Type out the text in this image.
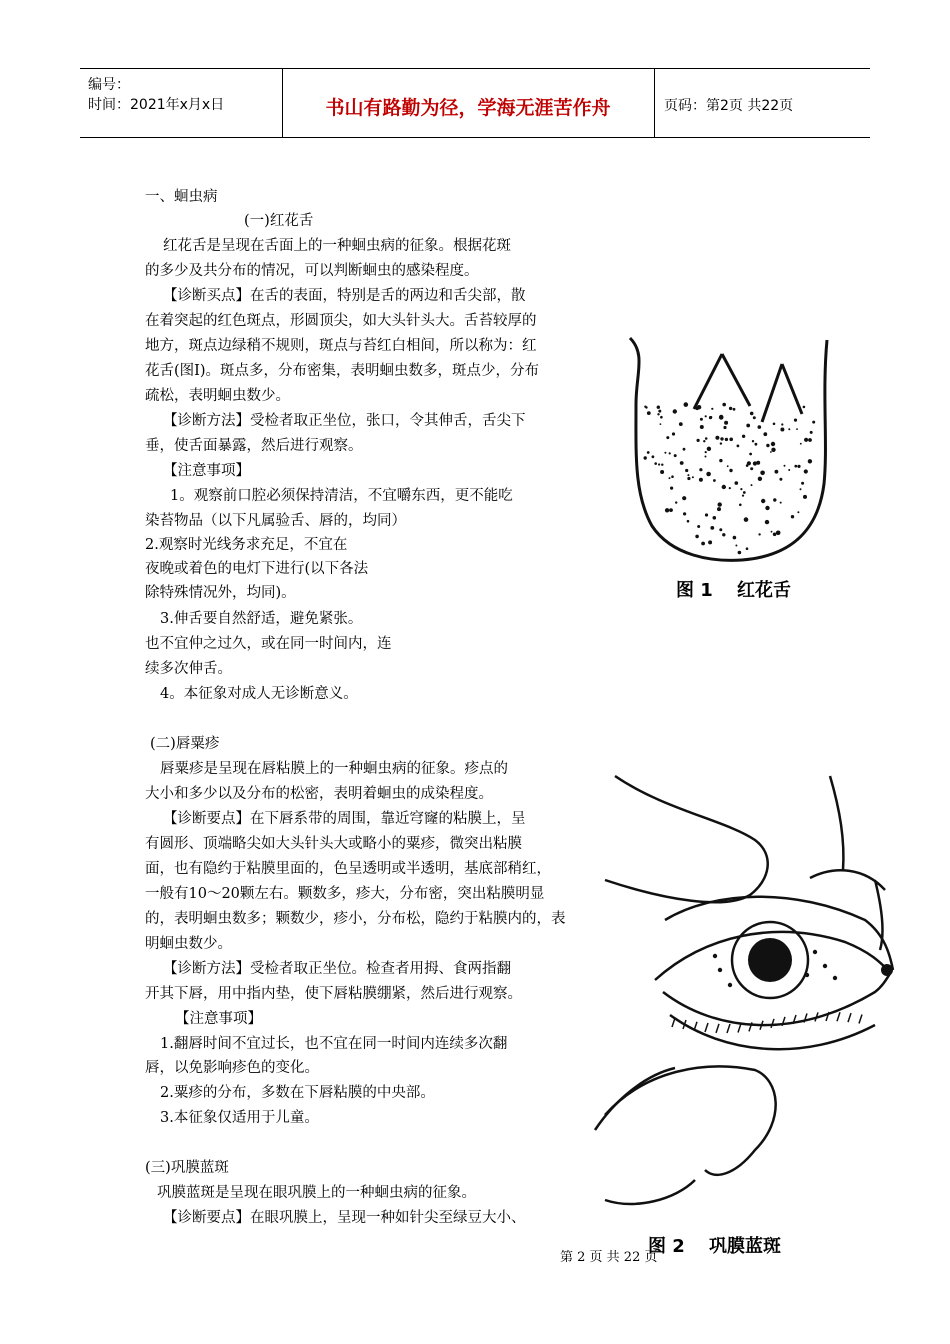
编号：
时间：2021年x月x日	书山有路勤为径，学海无涯苦作舟	页码：第2页 共22页
一、蛔虫病
(一)红花舌
红花舌是呈现在舌面上的一种蛔虫病的征象。根据花斑
的多少及共分布的情况，可以判断蛔虫的感染程度。
【诊断买点】在舌的表面，特别是舌的两边和舌尖部，散
在着突起的红色斑点，形圆顶尖，如大头针头大。舌苔较厚的
地方，斑点边绿稍不规则，斑点与苔红白相间，所以称为：红
花舌(图I)。斑点多，分布密集，表明蛔虫数多，斑点少，分布
疏松，表明蛔虫数少。
【诊断方法】受检者取正坐位，张口，令其伸舌，舌尖下
垂，使舌面暴露，然后进行观察。
【注意事项】
1。观察前口腔必须保持清洁，不宜嚼东西，更不能吃
染苔物品（以下凡属验舌、唇的，均同）
2.观察时光线务求充足，不宜在
夜晚或着色的电灯下进行(以下各法
除特殊情况外，均同)。
3.伸舌要自然舒适，避免紧张。
也不宜仲之过久，或在同一时间内，连
续多次伸舌。
4。本征象对成人无诊断意义。
(二)唇粟疹
唇粟疹是呈现在唇粘膜上的一种蛔虫病的征象。疹点的
大小和多少以及分布的松密，表明着蛔虫的成染程度。
【诊断要点】在下唇系带的周围，靠近穹窿的粘膜上，呈
有圆形、顶端略尖如大头针头大或略小的粟疹，微突出粘膜
面，也有隐约于粘膜里面的，色呈透明或半透明，基底部稍红，
一般有10～20颗左右。颗数多，疹大，分布密，突出粘膜明显
的，表明蛔虫数多；颗数少，疹小，分布松，隐约于粘膜内的，表
明蛔虫数少。
【诊断方法】受检者取正坐位。检查者用拇、食两指翻
开其下唇，用中指内垫，使下唇粘膜绷紧，然后进行观察。
【注意事项】
1.翻唇时间不宜过长，也不宜在同一时间内连续多次翻
唇，以免影响疹色的变化。
2.粟疹的分布，多数在下唇粘膜的中央部。
3.本征象仅适用于儿童。
(三)巩膜蓝斑
巩膜蓝斑是呈现在眼巩膜上的一种蛔虫病的征象。
【诊断要点】在眼巩膜上，呈现一种如针尖至绿豆大小、
图 1　 红花舌
图 2　 巩膜蓝斑
第 2 页 共 22 页
